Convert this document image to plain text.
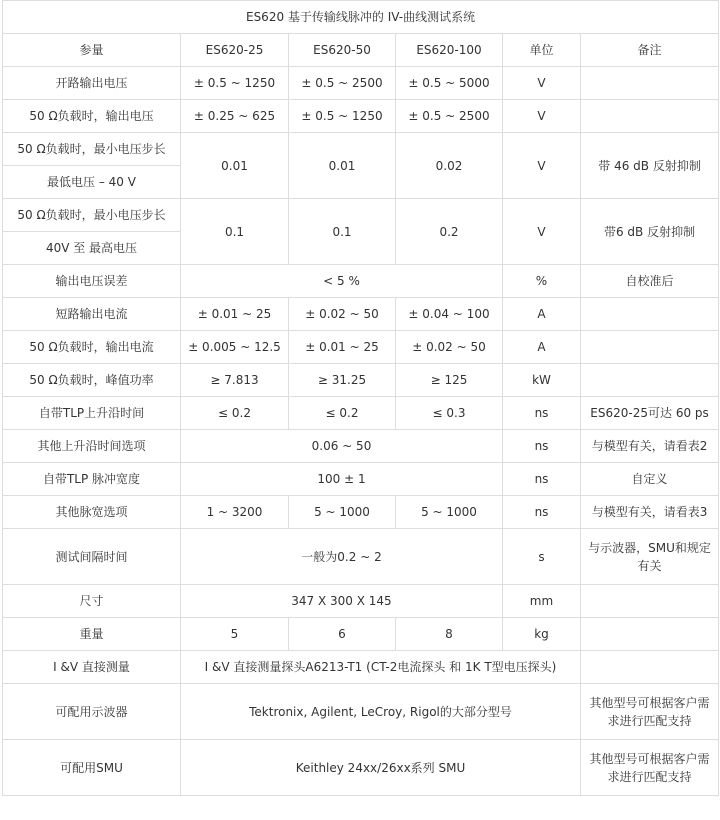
ES620 基于传输线脉冲的 IV-曲线测试系统					
参量	ES620-25	ES620-50	ES620-100	单位	备注
开路输出电压	± 0.5 ~ 1250	± 0.5 ~ 2500	± 0.5 ~ 5000	V	
50 Ω负载时，输出电压	± 0.25 ~ 625	± 0.5 ~ 1250	± 0.5 ~ 2500	V	
50 Ω负载时，最小电压步长	0.01	0.01	0.02	V	带 46 dB 反射抑制
最低电压 – 40 V					
50 Ω负载时，最小电压步长	0.1	0.1	0.2	V	带6 dB 反射抑制
40V 至 最高电压					
输出电压误差	< 5 %			%	自校准后
短路输出电流	± 0.01 ~ 25	± 0.02 ~ 50	± 0.04 ~ 100	A	
50 Ω负载时，输出电流	± 0.005 ~ 12.5	± 0.01 ~ 25	± 0.02 ~ 50	A	
50 Ω负载时，峰值功率	≥ 7.813	≥ 31.25	≥ 125	kW	
自带TLP上升沿时间	≤ 0.2	≤ 0.2	≤ 0.3	ns	ES620-25可达 60 ps
其他上升沿时间选项	0.06 ~ 50			ns	与模型有关，请看表2
自带TLP 脉冲宽度	100 ± 1			ns	自定义
其他脉宽选项	1 ~ 3200	5 ~ 1000	5 ~ 1000	ns	与模型有关，请看表3
测试间隔时间	一般为0.2 ~ 2			s	与示波器，SMU和规定有关
尺寸	347 X 300 X 145			mm	
重量	5	6	8	kg	
I &V 直接测量	I &V 直接测量探头A6213-T1 (CT-2电流探头 和 1K T型电压探头)				
可配用示波器	Tektronix, Agilent, LeCroy, Rigol的大部分型号				其他型号可根据客户需求进行匹配支持
可配用SMU	Keithley 24xx/26xx系列 SMU				其他型号可根据客户需求进行匹配支持
